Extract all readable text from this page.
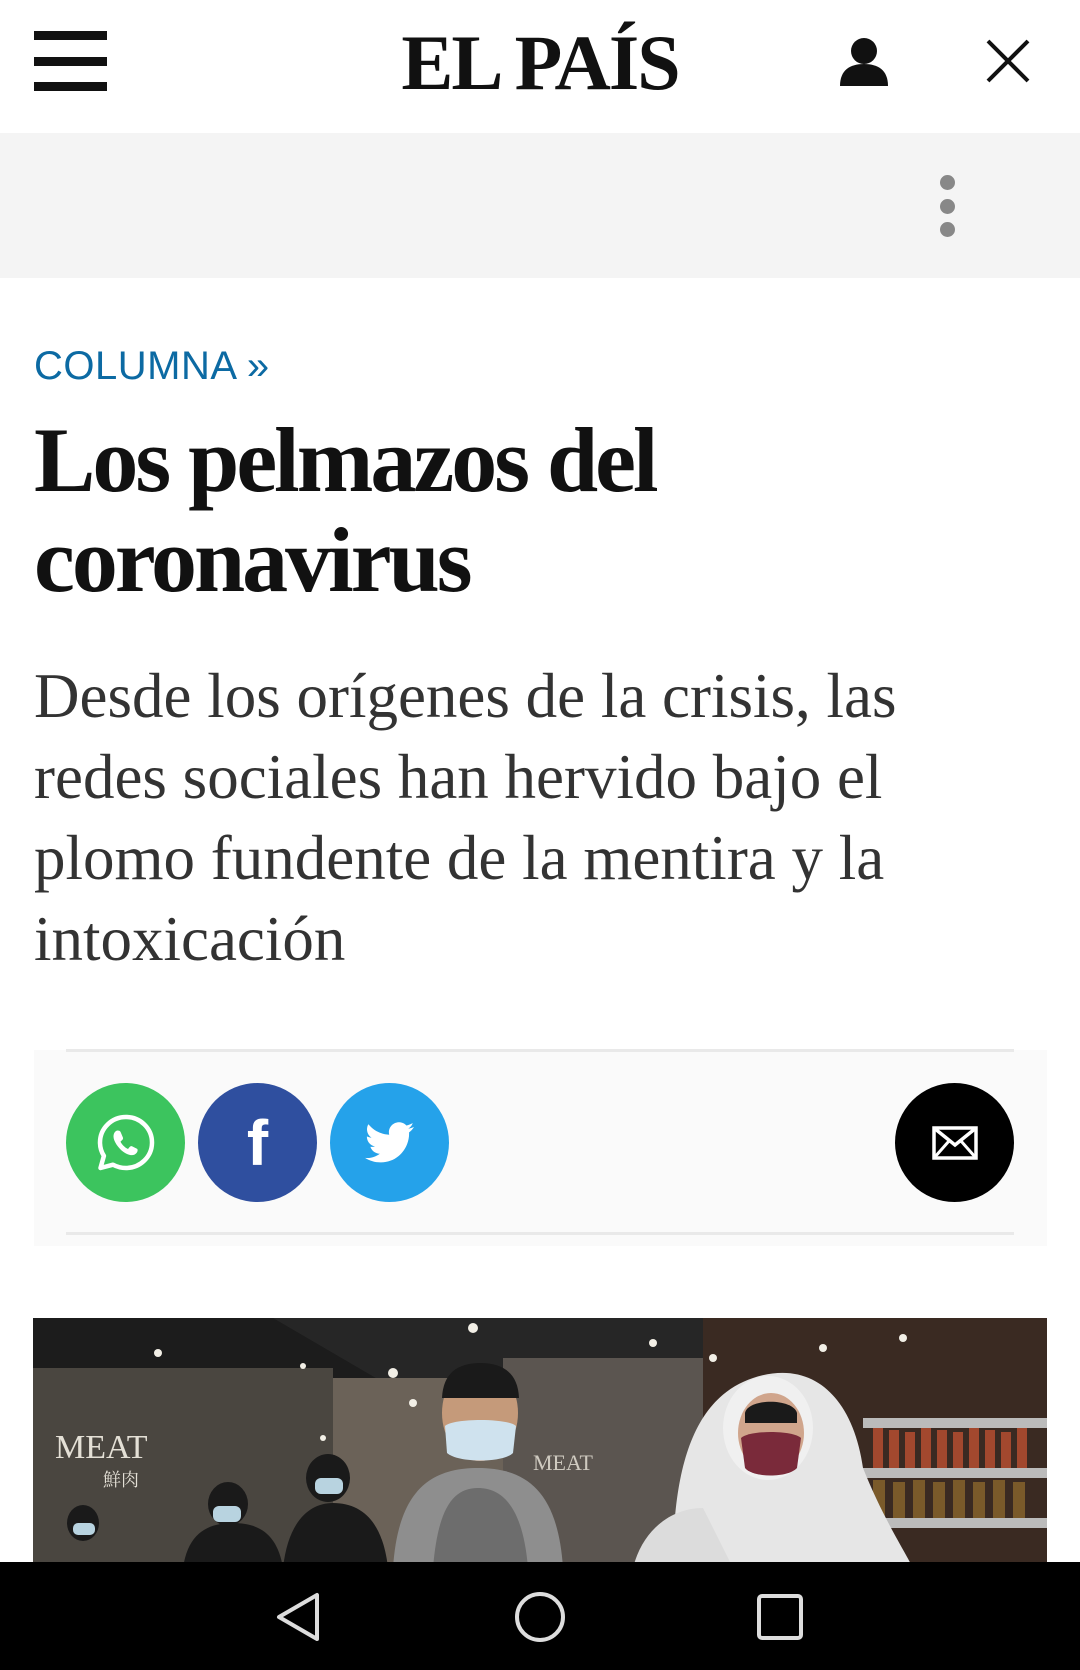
EL PAÍS
COLUMNA »
Los pelmazos del
coronavirus

Desde los orígenes de la crisis, las redes sociales han hervido bajo el plomo fundente de la mentira y la intoxicación

f
MEAT
鮮肉
MEAT
